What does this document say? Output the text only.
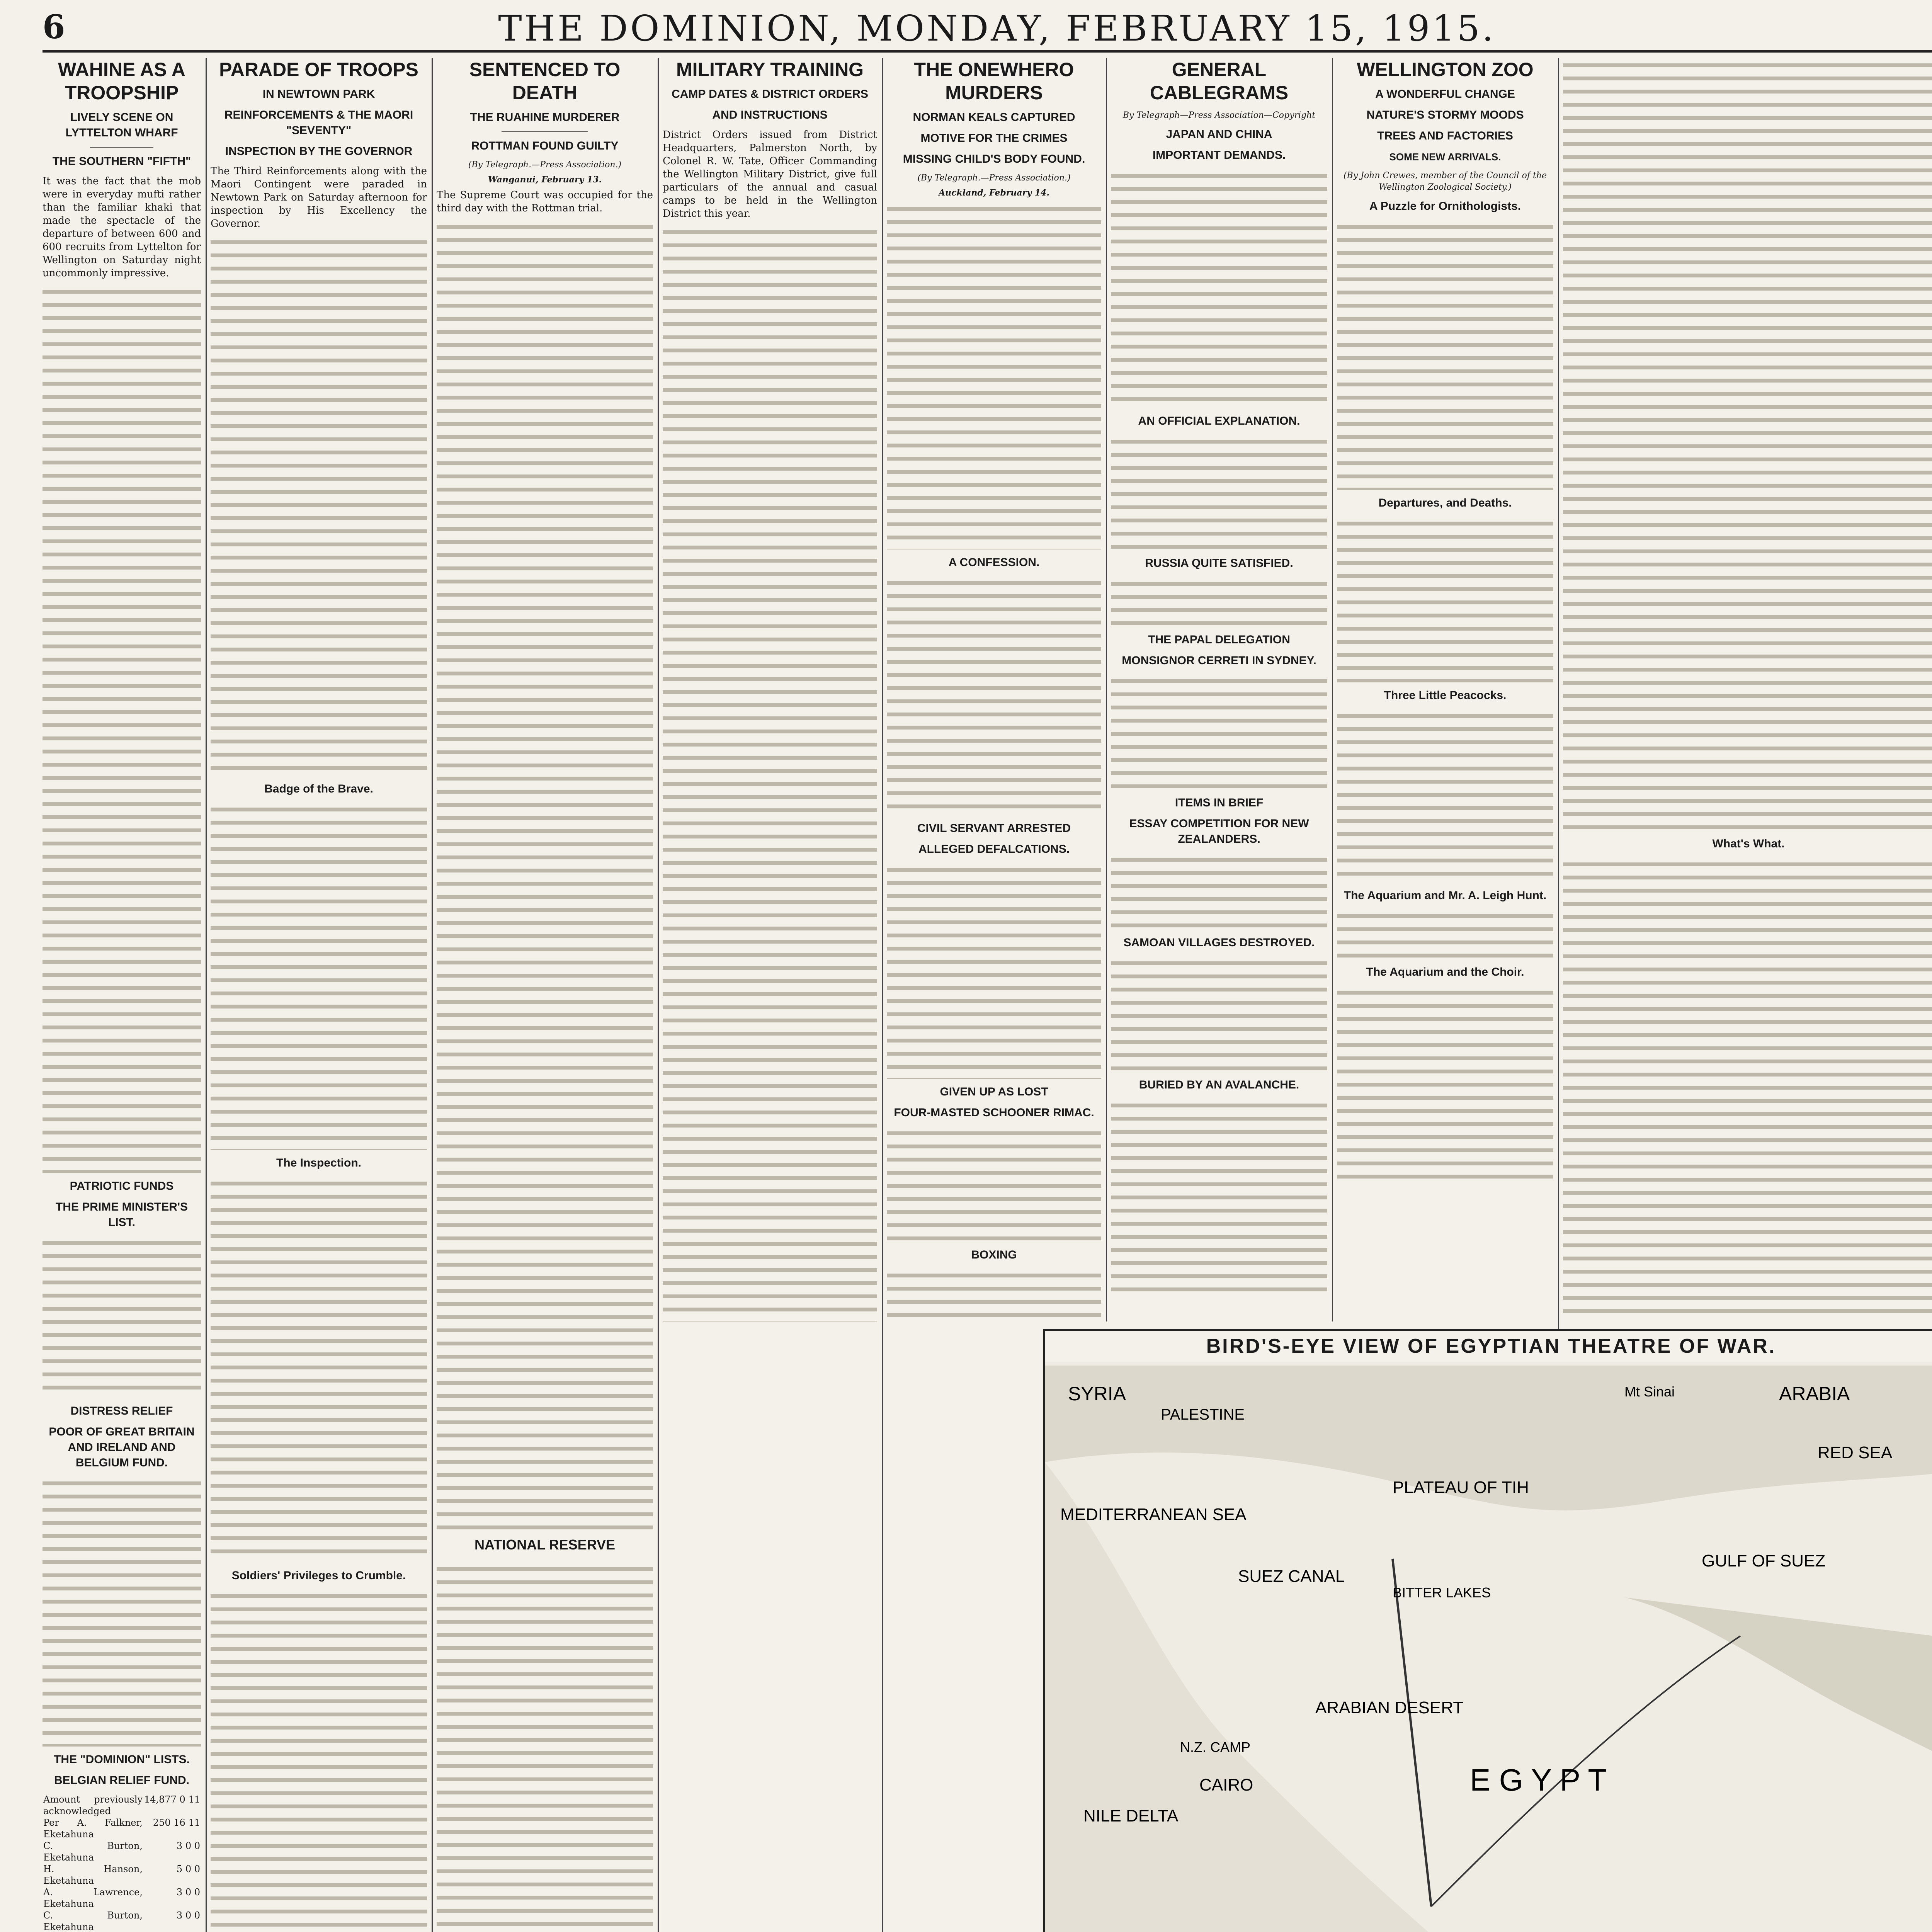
6	THE DOMINION, MONDAY, FEBRUARY 15, 1915.
WAHINE AS A TROOPSHIP
LIVELY SCENE ON LYTTELTON WHARF
THE SOUTHERN "FIFTH"

It was the fact that the mob were in everyday mufti rather than the familiar khaki that made the spectacle of the departure of between 600 and 600 recruits from Lyttelton for Wellington on Saturday night uncommonly impressive.

PATRIOTIC FUNDS
THE PRIME MINISTER'S LIST.
DISTRESS RELIEF
POOR OF GREAT BRITAIN AND IRELAND AND BELGIUM FUND.
THE "DOMINION" LISTS.
BELGIAN RELIEF FUND.
Amount previously acknowledged	14,877 0 11
Per A. Falkner, Eketahuna	250 16 11
C. Burton, Eketahuna	3 0 0
H. Hanson, Eketahuna	5 0 0
A. Lawrence, Eketahuna	3 0 0
C. Burton, Eketahuna	3 0 0

PARADE OF TROOPS
IN NEWTOWN PARK
REINFORCEMENTS & THE MAORI "SEVENTY"
INSPECTION BY THE GOVERNOR

The Third Reinforcements along with the Maori Contingent were paraded in Newtown Park on Saturday afternoon for inspection by His Excellency the Governor.

Badge of the Brave.
The Inspection.
Soldiers' Privileges to Crumble.
SENTENCED TO DEATH
THE RUAHINE MURDERER
ROTTMAN FOUND GUILTY
(By Telegraph.—Press Association.)
Wanganui, February 13.

The Supreme Court was occupied for the third day with the Rottman trial.

NATIONAL RESERVE
MILITARY TRAINING
CAMP DATES & DISTRICT ORDERS
AND INSTRUCTIONS

District Orders issued from District Headquarters, Palmerston North, by Colonel R. W. Tate, Officer Commanding the Wellington Military District, give full particulars of the annual and casual camps to be held in the Wellington District this year.

THE ONEWHERO MURDERS
NORMAN KEALS CAPTURED
MOTIVE FOR THE CRIMES
MISSING CHILD'S BODY FOUND.
(By Telegraph.—Press Association.)
Auckland, February 14.
A CONFESSION.
CIVIL SERVANT ARRESTED
ALLEGED DEFALCATIONS.
GIVEN UP AS LOST
FOUR-MASTED SCHOONER RIMAC.
BOXING
GENERAL CABLEGRAMS
By Telegraph—Press Association—Copyright
JAPAN AND CHINA
IMPORTANT DEMANDS.
AN OFFICIAL EXPLANATION.
RUSSIA QUITE SATISFIED.
THE PAPAL DELEGATION
MONSIGNOR CERRETI IN SYDNEY.
ITEMS IN BRIEF
ESSAY COMPETITION FOR NEW ZEALANDERS.
SAMOAN VILLAGES DESTROYED.
BURIED BY AN AVALANCHE.
WELLINGTON ZOO
A WONDERFUL CHANGE
NATURE'S STORMY MOODS
TREES AND FACTORIES
SOME NEW ARRIVALS.
(By John Crewes, member of the Council of the Wellington Zoological Society.)
A Puzzle for Ornithologists.
Departures, and Deaths.
Three Little Peacocks.
The Aquarium and Mr. A. Leigh Hunt.
The Aquarium and the Choir.
What's What.
BIRD'S-EYE VIEW OF EGYPTIAN THEATRE OF WAR.
SYRIA	ARABIA
PALESTINE
MEDITERRANEAN SEA
PLATEAU OF TIH
SUEZ CANAL
BITTER LAKES
GULF OF SUEZ
RED SEA
ARABIAN DESERT
NILE DELTA
CAIRO	E G Y P T
Mt Sinai
N.Z. CAMP
